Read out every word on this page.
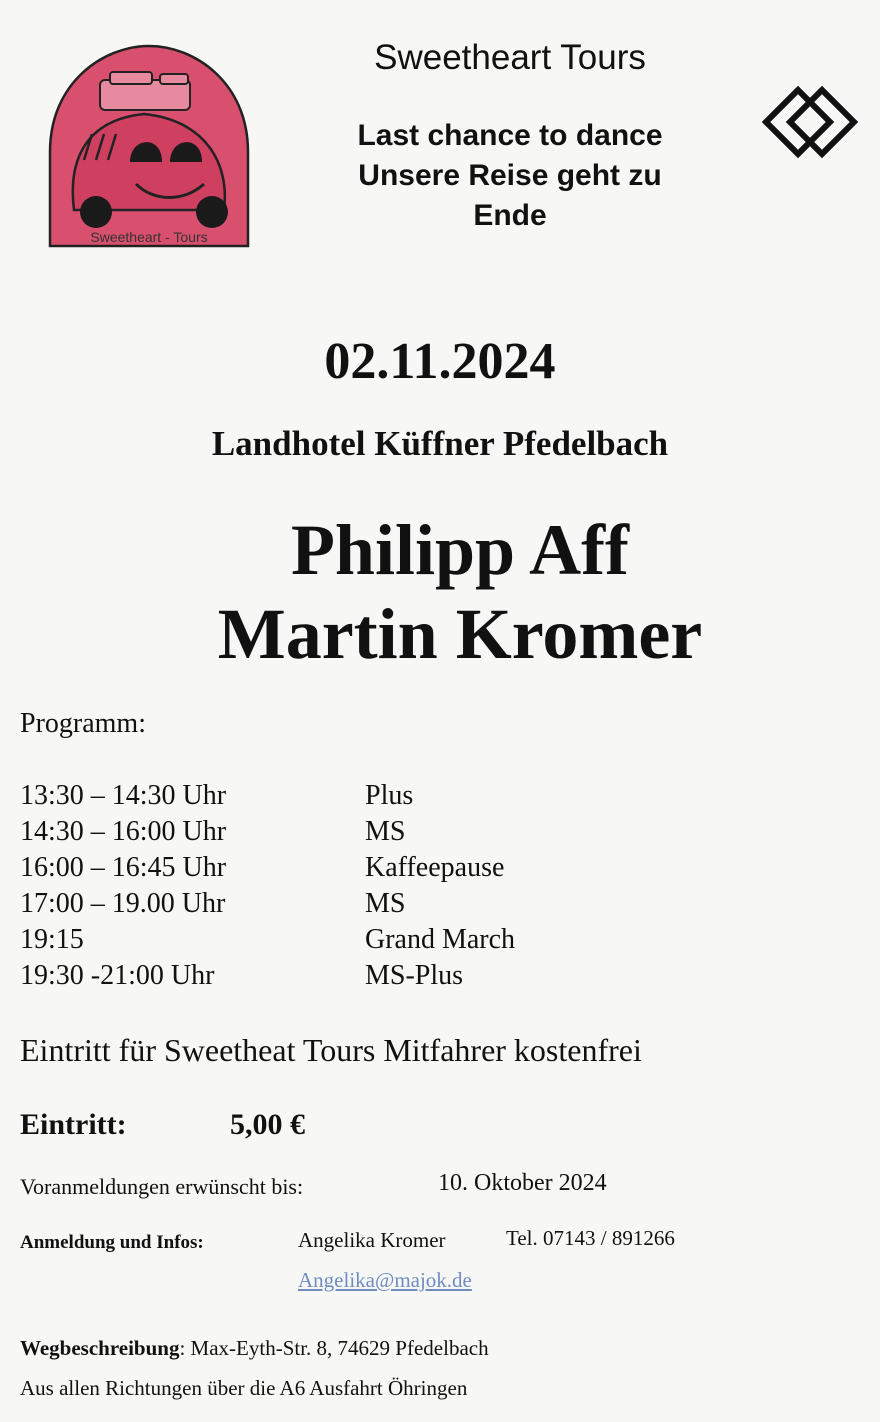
Sweetheart - Tours
Sweetheart Tours
Last chance to dance
Unsere Reise geht zu
Ende
02.11.2024
Landhotel Küffner Pfedelbach
Philipp Aff
Martin Kromer
Programm:
13:30 – 14:30 Uhr	Plus
14:30 – 16:00 Uhr	MS
16:00 – 16:45 Uhr	Kaffeepause
17:00 – 19.00 Uhr	MS
19:15	Grand March
19:30 -21:00 Uhr	MS-Plus
Eintritt für Sweetheat Tours Mitfahrer kostenfrei
Eintritt:	5,00 €
Voranmeldungen erwünscht bis:	10. Oktober 2024
Anmeldung und Infos:	Angelika Kromer	Tel. 07143 / 891266
Angelika@majok.de
Wegbeschreibung: Max-Eyth-Str. 8, 74629 Pfedelbach
Aus allen Richtungen über die A6 Ausfahrt Öhringen
